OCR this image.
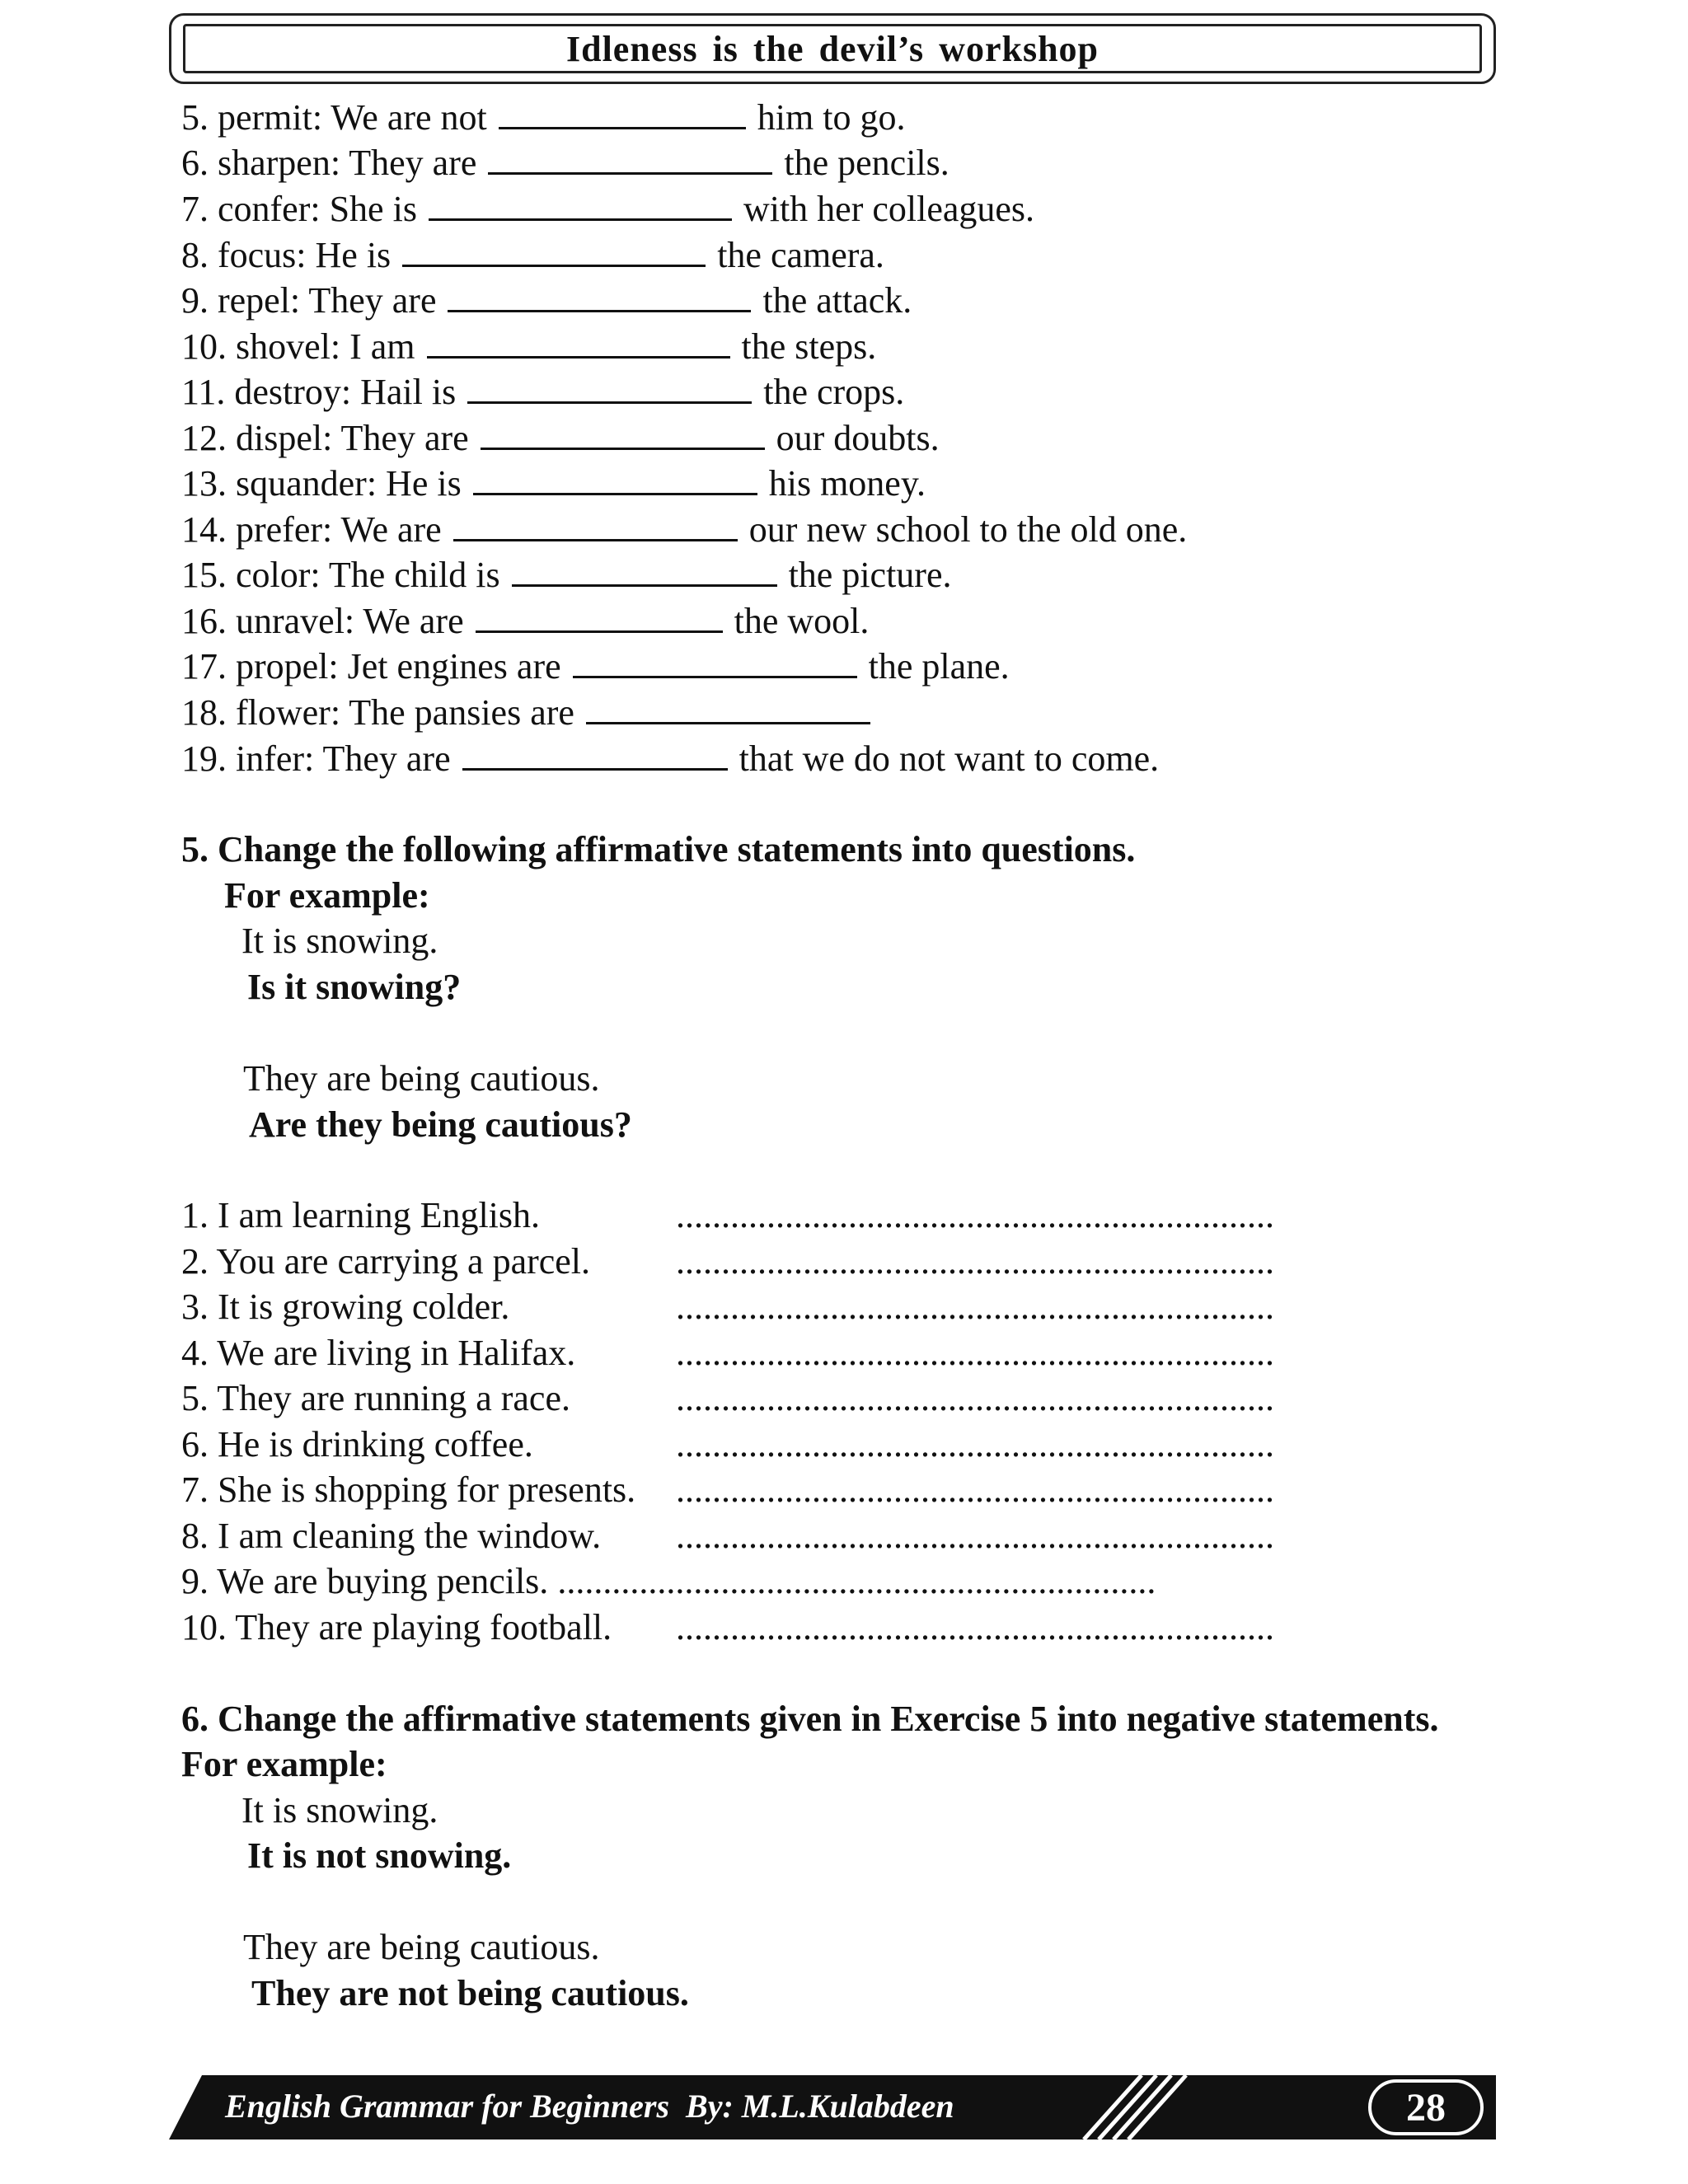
Idleness is the devil’s workshop
5. permit: We are not	him to go.
6. sharpen: They are	the pencils.
7. confer: She is	with her colleagues.
8. focus: He is	the camera.
9. repel: They are	the attack.
10. shovel: I am	the steps.
11. destroy: Hail is	the crops.
12. dispel: They are	our doubts.
13. squander: He is	his money.
14. prefer: We are	our new school to the old one.
15. color: The child is	the picture.
16. unravel: We are	the wool.
17. propel: Jet engines are	the plane.
18. flower: The pansies are
19. infer: They are	that we do not want to come.
5. Change the following affirmative statements into questions.
For example:
It is snowing.
Is it snowing?
They are being cautious.
Are they being cautious?
1. I am learning English.	..................................................................
2. You are carrying a parcel. ..................................................................
3. It is growing colder.	..................................................................
4. We are living in Halifax.	..................................................................
5. They are running a race.	..................................................................
6. He is drinking coffee.	..................................................................
7. She is shopping for presents. ..................................................................
8. I am cleaning the window. ..................................................................
9. We are buying pencils. ..................................................................
10. They are playing football. ..................................................................
6. Change the affirmative statements given in Exercise 5 into negative statements.
For example:
It is snowing.
It is not snowing.
They are being cautious.
They are not being cautious.
English Grammar for Beginners  By: M.L.Kulabdeen	28
